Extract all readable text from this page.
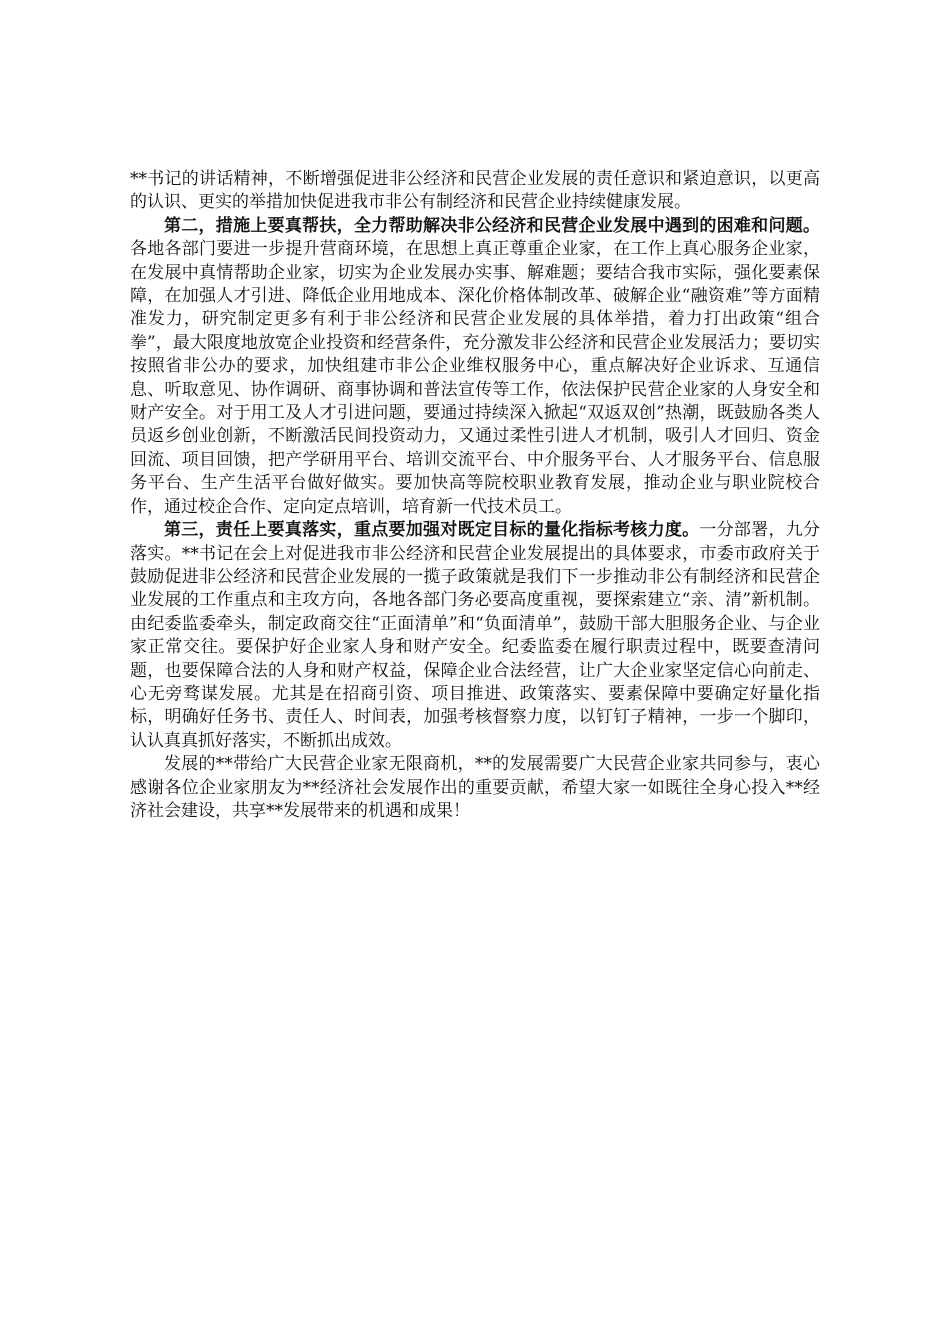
**书记的讲话精神，不断增强促进非公经济和民营企业发展的责任意识和紧迫意识，以更高的认识、更实的举措加快促进我市非公有制经济和民营企业持续健康发展。

第二，措施上要真帮扶，全力帮助解决非公经济和民营企业发展中遇到的困难和问题。各地各部门要进一步提升营商环境，在思想上真正尊重企业家，在工作上真心服务企业家，在发展中真情帮助企业家，切实为企业发展办实事、解难题；要结合我市实际，强化要素保障，在加强人才引进、降低企业用地成本、深化价格体制改革、破解企业“融资难”等方面精准发力，研究制定更多有利于非公经济和民营企业发展的具体举措，着力打出政策“组合拳”，最大限度地放宽企业投资和经营条件，充分激发非公经济和民营企业发展活力；要切实按照省非公办的要求，加快组建市非公企业维权服务中心，重点解决好企业诉求、互通信息、听取意见、协作调研、商事协调和普法宣传等工作，依法保护民营企业家的人身安全和财产安全。对于用工及人才引进问题，要通过持续深入掀起“双返双创”热潮，既鼓励各类人员返乡创业创新，不断激活民间投资动力，又通过柔性引进人才机制，吸引人才回归、资金回流、项目回馈，把产学研用平台、培训交流平台、中介服务平台、人才服务平台、信息服务平台、生产生活平台做好做实。要加快高等院校职业教育发展，推动企业与职业院校合作，通过校企合作、定向定点培训，培育新一代技术员工。

第三，责任上要真落实，重点要加强对既定目标的量化指标考核力度。一分部署，九分落实。**书记在会上对促进我市非公经济和民营企业发展提出的具体要求，市委市政府关于鼓励促进非公经济和民营企业发展的一揽子政策就是我们下一步推动非公有制经济和民营企业发展的工作重点和主攻方向，各地各部门务必要高度重视，要探索建立“亲、清”新机制。由纪委监委牵头，制定政商交往“正面清单”和“负面清单”，鼓励干部大胆服务企业、与企业家正常交往。要保护好企业家人身和财产安全。纪委监委在履行职责过程中，既要查清问题，也要保障合法的人身和财产权益，保障企业合法经营，让广大企业家坚定信心向前走、心无旁骛谋发展。尤其是在招商引资、项目推进、政策落实、要素保障中要确定好量化指标，明确好任务书、责任人、时间表，加强考核督察力度，以钉钉子精神，一步一个脚印，认认真真抓好落实，不断抓出成效。

发展的**带给广大民营企业家无限商机，**的发展需要广大民营企业家共同参与，衷心感谢各位企业家朋友为**经济社会发展作出的重要贡献，希望大家一如既往全身心投入**经济社会建设，共享**发展带来的机遇和成果！
